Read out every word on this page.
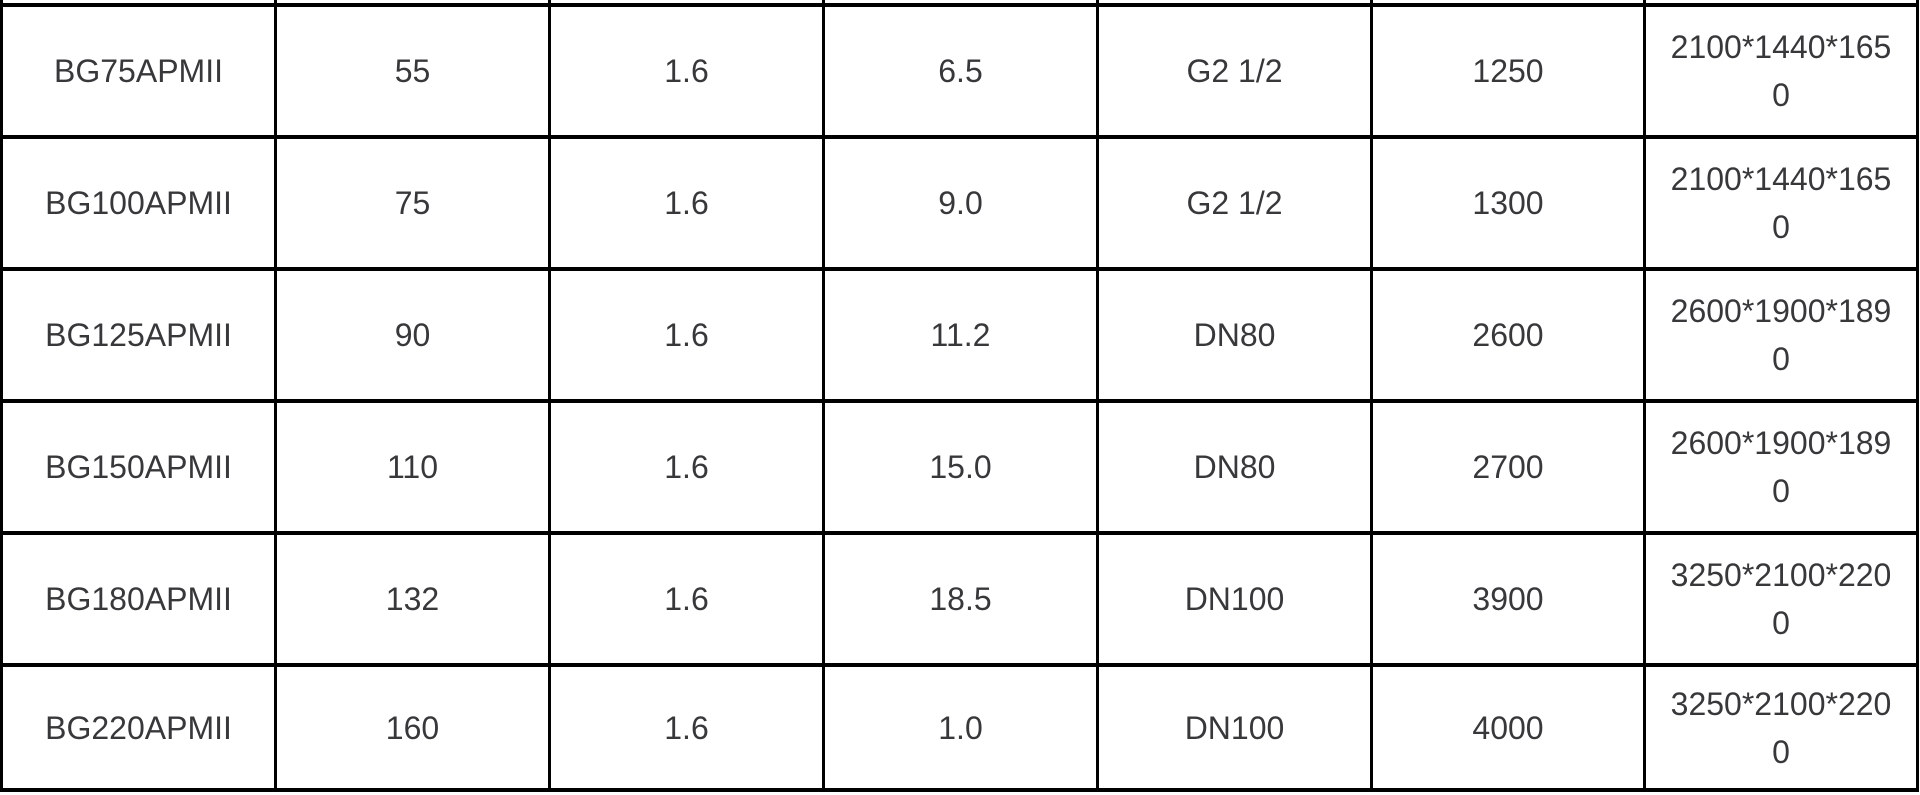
BG75APMII	55	1.6	6.5	G2 1/2	1250	2100*1440*1650

BG100APMII	75	1.6	9.0	G2 1/2	1300	2100*1440*1650

BG125APMII	90	1.6	11.2	DN80	2600	2600*1900*1890

BG150APMII	110	1.6	15.0	DN80	2700	2600*1900*1890

BG180APMII	132	1.6	18.5	DN100	3900	3250*2100*2200

BG220APMII	160	1.6	1.0	DN100	4000	3250*2100*2200
